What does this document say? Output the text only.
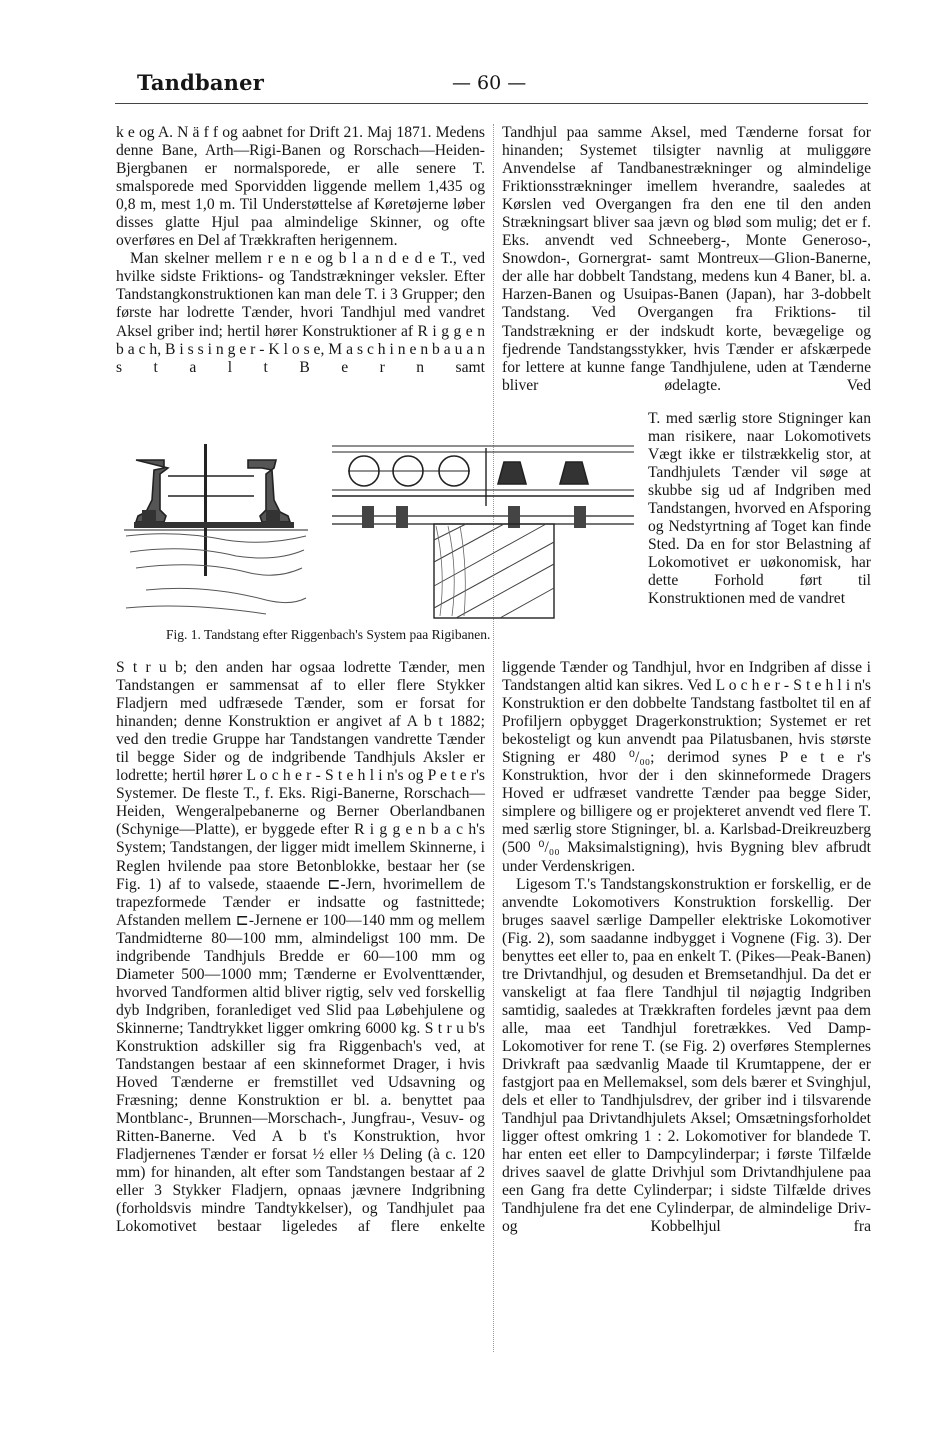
Tandbaner	— 60 —

k e og A. N ä f f og aabnet for Drift 21. Maj 1871. Medens denne Bane, Arth—Rigi-Banen og Rorschach—Heiden-Bjergbanen er normalsporede, er alle senere T. smalsporede med Sporvidden liggende mellem 1,435 og 0,8 m, mest 1,0 m. Til Understøttelse af Køretøjerne løber disses glatte Hjul paa almindelige Skinner, og ofte overføres en Del af Trækkraften herigennem.

Man skelner mellem r e n e og b l a n d e d e T., ved hvilke sidste Friktions- og Tandstrækninger veksler. Efter Tandstangkonstruktionen kan man dele T. i 3 Grupper; den første har lodrette Tænder, hvori Tandhjul med vandret Aksel griber ind; hertil hører Konstruktioner af R i g g e n b a c h, B i s s i n g e r - K l o s e, M a s c h i n e n b a u a n s t a l t B e r n samt

Tandhjul paa samme Aksel, med Tænderne forsat for hinanden; Systemet tilsigter navnlig at muliggøre Anvendelse af Tandbanestrækninger og almindelige Friktionsstrækninger imellem hverandre, saaledes at Kørslen ved Overgangen fra den ene til den anden Strækningsart bliver saa jævn og blød som mulig; det er f. Eks. anvendt ved Schneeberg-, Monte Generoso-, Snowdon-, Gornergrat- samt Montreux—Glion-Banerne, der alle har dobbelt Tandstang, medens kun 4 Baner, bl. a. Harzen-Banen og Usuipas-Banen (Japan), har 3-dobbelt Tandstang. Ved Overgangen fra Friktions- til Tandstrækning er der indskudt korte, bevægelige og fjedrende Tandstangsstykker, hvis Tænder er afskærpede for lettere at kunne fange Tandhjulene, uden at Tænderne bliver ødelagte. Ved

T. med særlig store Stigninger kan man risikere, naar Lokomotivets Vægt ikke er tilstrækkelig stor, at Tandhjulets Tænder vil søge at skubbe sig ud af Indgriben med Tandstangen, hvorved en Afsporing og Nedstyrtning af Toget kan finde Sted. Da en for stor Belastning af Lokomotivet er uøkonomisk, har dette Forhold ført til Konstruktionen med de vandret

Fig. 1. Tandstang efter Riggenbach's System paa Rigibanen.

S t r u b; den anden har ogsaa lodrette Tænder, men Tandstangen er sammensat af to eller flere Stykker Fladjern med udfræsede Tænder, som er forsat for hinanden; denne Konstruktion er angivet af A b t 1882; ved den tredie Gruppe har Tandstangen vandrette Tænder til begge Sider og de indgribende Tandhjuls Aksler er lodrette; hertil hører L o c h e r - S t e h l i n's og P e t e r's Systemer. De fleste T., f. Eks. Rigi-Banerne, Rorschach—Heiden, Wengeralpebanerne og Berner Oberlandbanen (Schynige—Platte), er byggede efter R i g g e n b a c h's System; Tandstangen, der ligger midt imellem Skinnerne, i Reglen hvilende paa store Betonblokke, bestaar her (se Fig. 1) af to valsede, staaende ⊏-Jern, hvorimellem de trapezformede Tænder er indsatte og fastnittede; Afstanden mellem ⊏-Jernene er 100—140 mm og mellem Tandmidterne 80—100 mm, almindeligst 100 mm. De indgribende Tandhjuls Bredde er 60—100 mm og Diameter 500—1000 mm; Tænderne er Evolventtænder, hvorved Tandformen altid bliver rigtig, selv ved forskellig dyb Indgriben, foranlediget ved Slid paa Løbehjulene og Skinnerne; Tandtrykket ligger omkring 6000 kg. S t r u b's Konstruktion adskiller sig fra Riggenbach's ved, at Tandstangen bestaar af een skinneformet Drager, i hvis Hoved Tænderne er fremstillet ved Udsavning og Fræsning; denne Konstruktion er bl. a. benyttet paa Montblanc-, Brunnen—Morschach-, Jungfrau-, Vesuv- og Ritten-Banerne. Ved A b t's Konstruktion, hvor Fladjernenes Tænder er forsat ½ eller ⅓ Deling (à c. 120 mm) for hinanden, alt efter som Tandstangen bestaar af 2 eller 3 Stykker Fladjern, opnaas jævnere Indgribning (forholdsvis mindre Tandtykkelser), og Tandhjulet paa Lokomotivet bestaar ligeledes af flere enkelte

liggende Tænder og Tandhjul, hvor en Indgriben af disse i Tandstangen altid kan sikres. Ved L o c h e r - S t e h l i n's Konstruktion er den dobbelte Tandstang fastboltet til en af Profiljern opbygget Dragerkonstruktion; Systemet er ret bekosteligt og kun anvendt paa Pilatusbanen, hvis største Stigning er 480 ⁰/₀₀; derimod synes P e t e r's Konstruktion, hvor der i den skinneformede Dragers Hoved er udfræset vandrette Tænder paa begge Sider, simplere og billigere og er projekteret anvendt ved flere T. med særlig store Stigninger, bl. a. Karlsbad-Dreikreuzberg (500 ⁰/₀₀ Maksimalstigning), hvis Bygning blev afbrudt under Verdenskrigen.

Ligesom T.'s Tandstangskonstruktion er forskellig, er de anvendte Lokomotivers Konstruktion forskellig. Der bruges saavel særlige Dampeller elektriske Lokomotiver (Fig. 2), som saadanne indbygget i Vognene (Fig. 3). Der benyttes eet eller to, paa en enkelt T. (Pikes—Peak-Banen) tre Drivtandhjul, og desuden et Bremsetandhjul. Da det er vanskeligt at faa flere Tandhjul til nøjagtig Indgriben samtidig, saaledes at Trækkraften fordeles jævnt paa dem alle, maa eet Tandhjul foretrækkes. Ved Damp-Lokomotiver for rene T. (se Fig. 2) overføres Stemplernes Drivkraft paa sædvanlig Maade til Krumtappene, der er fastgjort paa en Mellemaksel, som dels bærer et Svinghjul, dels et eller to Tandhjulsdrev, der griber ind i tilsvarende Tandhjul paa Drivtandhjulets Aksel; Omsætningsforholdet ligger oftest omkring 1 : 2. Lokomotiver for blandede T. har enten eet eller to Dampcylinderpar; i første Tilfælde drives saavel de glatte Drivhjul som Drivtandhjulene paa een Gang fra dette Cylinderpar; i sidste Tilfælde drives Tandhjulene fra det ene Cylinderpar, de almindelige Driv- og Kobbelhjul fra
